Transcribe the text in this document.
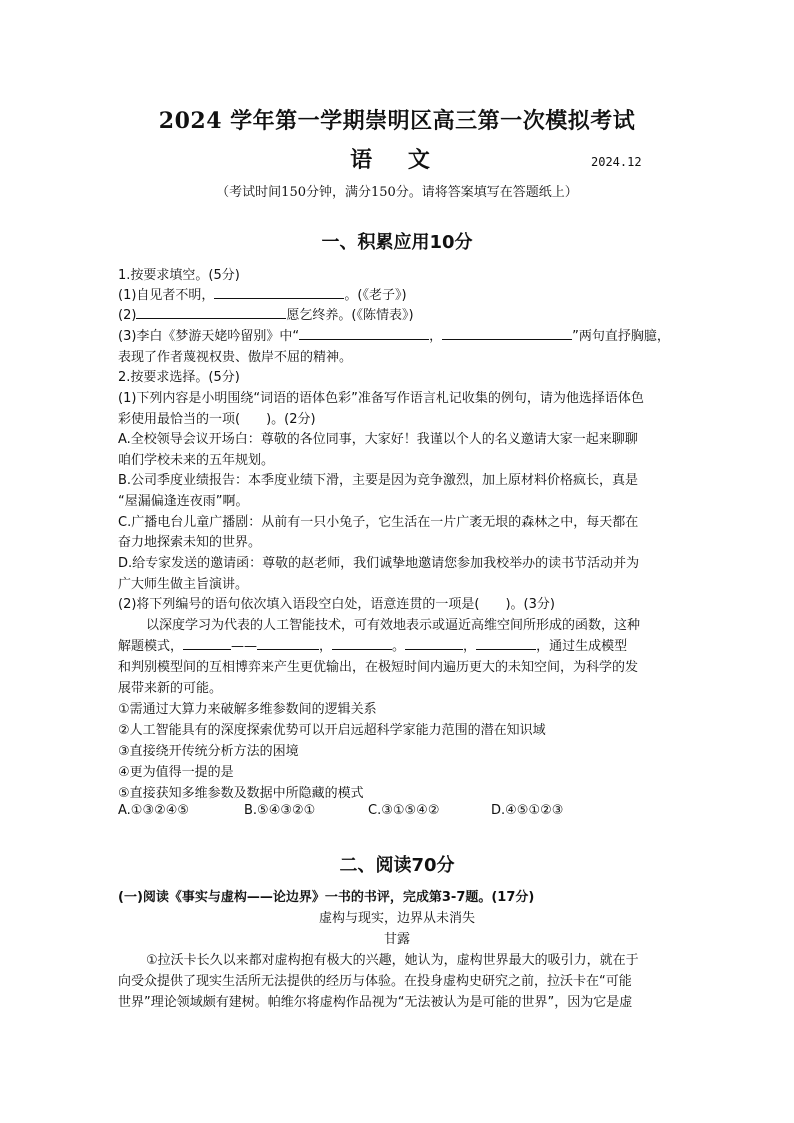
2024 学年第一学期崇明区高三第一次模拟考试
语 文	2024.12
（考试时间150分钟，满分150分。请将答案填写在答题纸上）
一、积累应用10分
1.按要求填空。(5分)
(1)自见者不明，	。(《老子》)
(2)	愿乞终养。(《陈情表》)
(3)李白《梦游天姥吟留别》中“	，	”两句直抒胸臆，
表现了作者蔑视权贵、傲岸不屈的精神。
2.按要求选择。(5分)
(1)下列内容是小明围绕“词语的语体色彩”准备写作语言札记收集的例句，请为他选择语体色
彩使用最恰当的一项(　　)。(2分)
A.全校领导会议开场白：尊敬的各位同事，大家好！我谨以个人的名义邀请大家一起来聊聊
咱们学校未来的五年规划。
B.公司季度业绩报告：本季度业绩下滑，主要是因为竞争激烈，加上原材料价格疯长，真是
“屋漏偏逢连夜雨”啊。
C.广播电台儿童广播剧：从前有一只小兔子，它生活在一片广袤无垠的森林之中，每天都在
奋力地探索未知的世界。
D.给专家发送的邀请函：尊敬的赵老师，我们诚挚地邀请您参加我校举办的读书节活动并为
广大师生做主旨演讲。
(2)将下列编号的语句依次填入语段空白处，语意连贯的一项是(　　)。(3分)
以深度学习为代表的人工智能技术，可有效地表示或逼近高维空间所形成的函数，这种
解题模式，	——	，	。	，	，通过生成模型
和判别模型间的互相博弈来产生更优输出，在极短时间内遍历更大的未知空间，为科学的发
展带来新的可能。
①需通过大算力来破解多维参数间的逻辑关系
②人工智能具有的深度探索优势可以开启远超科学家能力范围的潜在知识域
③直接绕开传统分析方法的困境
④更为值得一提的是
⑤直接获知多维参数及数据中所隐藏的模式
A.①③②④⑤	B.⑤④③②①	C.③①⑤④②	D.④⑤①②③
二、阅读70分
(一)阅读《事实与虚构——论边界》一书的书评，完成第3-7题。(17分)
虚构与现实，边界从未消失
甘露
①拉沃卡长久以来都对虚构抱有极大的兴趣，她认为，虚构世界最大的吸引力，就在于
向受众提供了现实生活所无法提供的经历与体验。在投身虚构史研究之前，拉沃卡在“可能
世界”理论领域颇有建树。帕维尔将虚构作品视为“无法被认为是可能的世界”，因为它是虚
